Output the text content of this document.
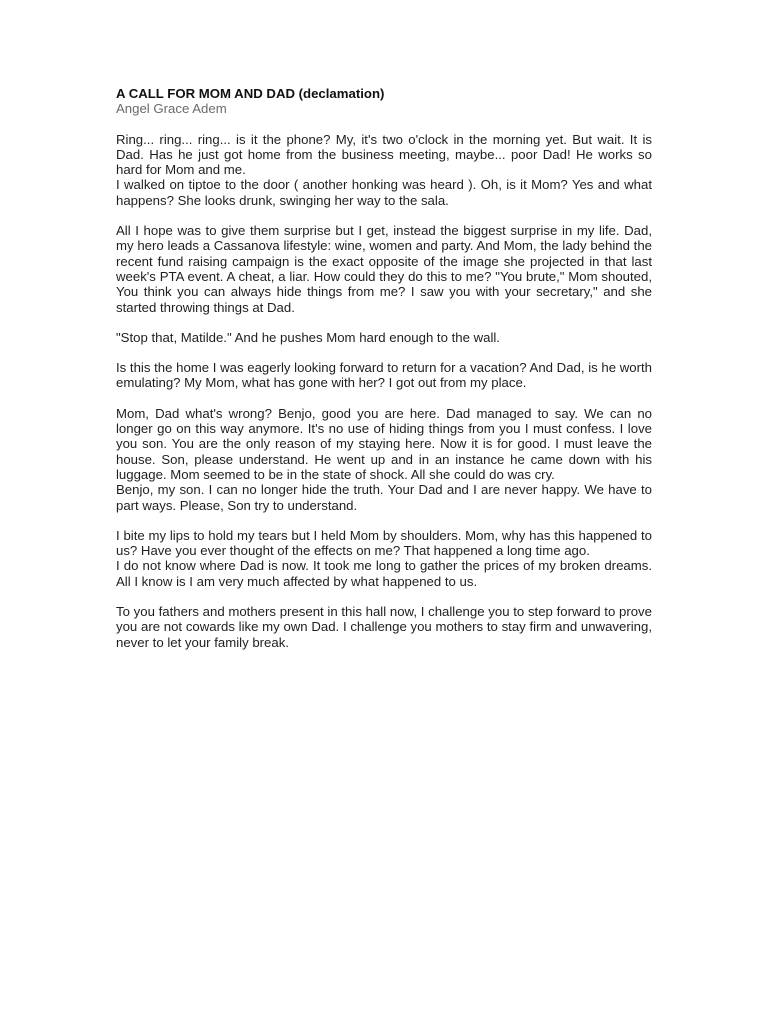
A CALL FOR MOM AND DAD (declamation)

Angel Grace Adem

Ring... ring... ring... is it the phone? My, it's two o'clock in the morning yet. But wait. It is Dad. Has he just got home from the business meeting, maybe... poor Dad! He works so hard for Mom and me.
I walked on tiptoe to the door ( another honking was heard ). Oh, is it Mom? Yes and what happens? She looks drunk, swinging her way to the sala.
All I hope was to give them surprise but I get, instead the biggest surprise in my life. Dad, my hero leads a Cassanova lifestyle: wine, women and party. And Mom, the lady behind the recent fund raising campaign is the exact opposite of the image she projected in that last week's PTA event. A cheat, a liar. How could they do this to me? "You brute," Mom shouted, You think you can always hide things from me? I saw you with your secretary," and she started throwing things at Dad.
"Stop that, Matilde." And he pushes Mom hard enough to the wall.
Is this the home I was eagerly looking forward to return for a vacation? And Dad, is he worth emulating? My Mom, what has gone with her? I got out from my place.
Mom, Dad what's wrong? Benjo, good you are here. Dad managed to say. We can no longer go on this way anymore. It's no use of hiding things from you I must confess. I love you son. You are the only reason of my staying here. Now it is for good. I must leave the house. Son, please understand. He went up and in an instance he came down with his luggage. Mom seemed to be in the state of shock. All she could do was cry.
Benjo, my son. I can no longer hide the truth. Your Dad and I are never happy. We have to part ways. Please, Son try to understand.
I bite my lips to hold my tears but I held Mom by shoulders. Mom, why has this happened to us? Have you ever thought of the effects on me? That happened a long time ago.
I do not know where Dad is now. It took me long to gather the prices of my broken dreams. All I know is I am very much affected by what happened to us.
To you fathers and mothers present in this hall now, I challenge you to step forward to prove you are not cowards like my own Dad. I challenge you mothers to stay firm and unwavering, never to let your family break.
